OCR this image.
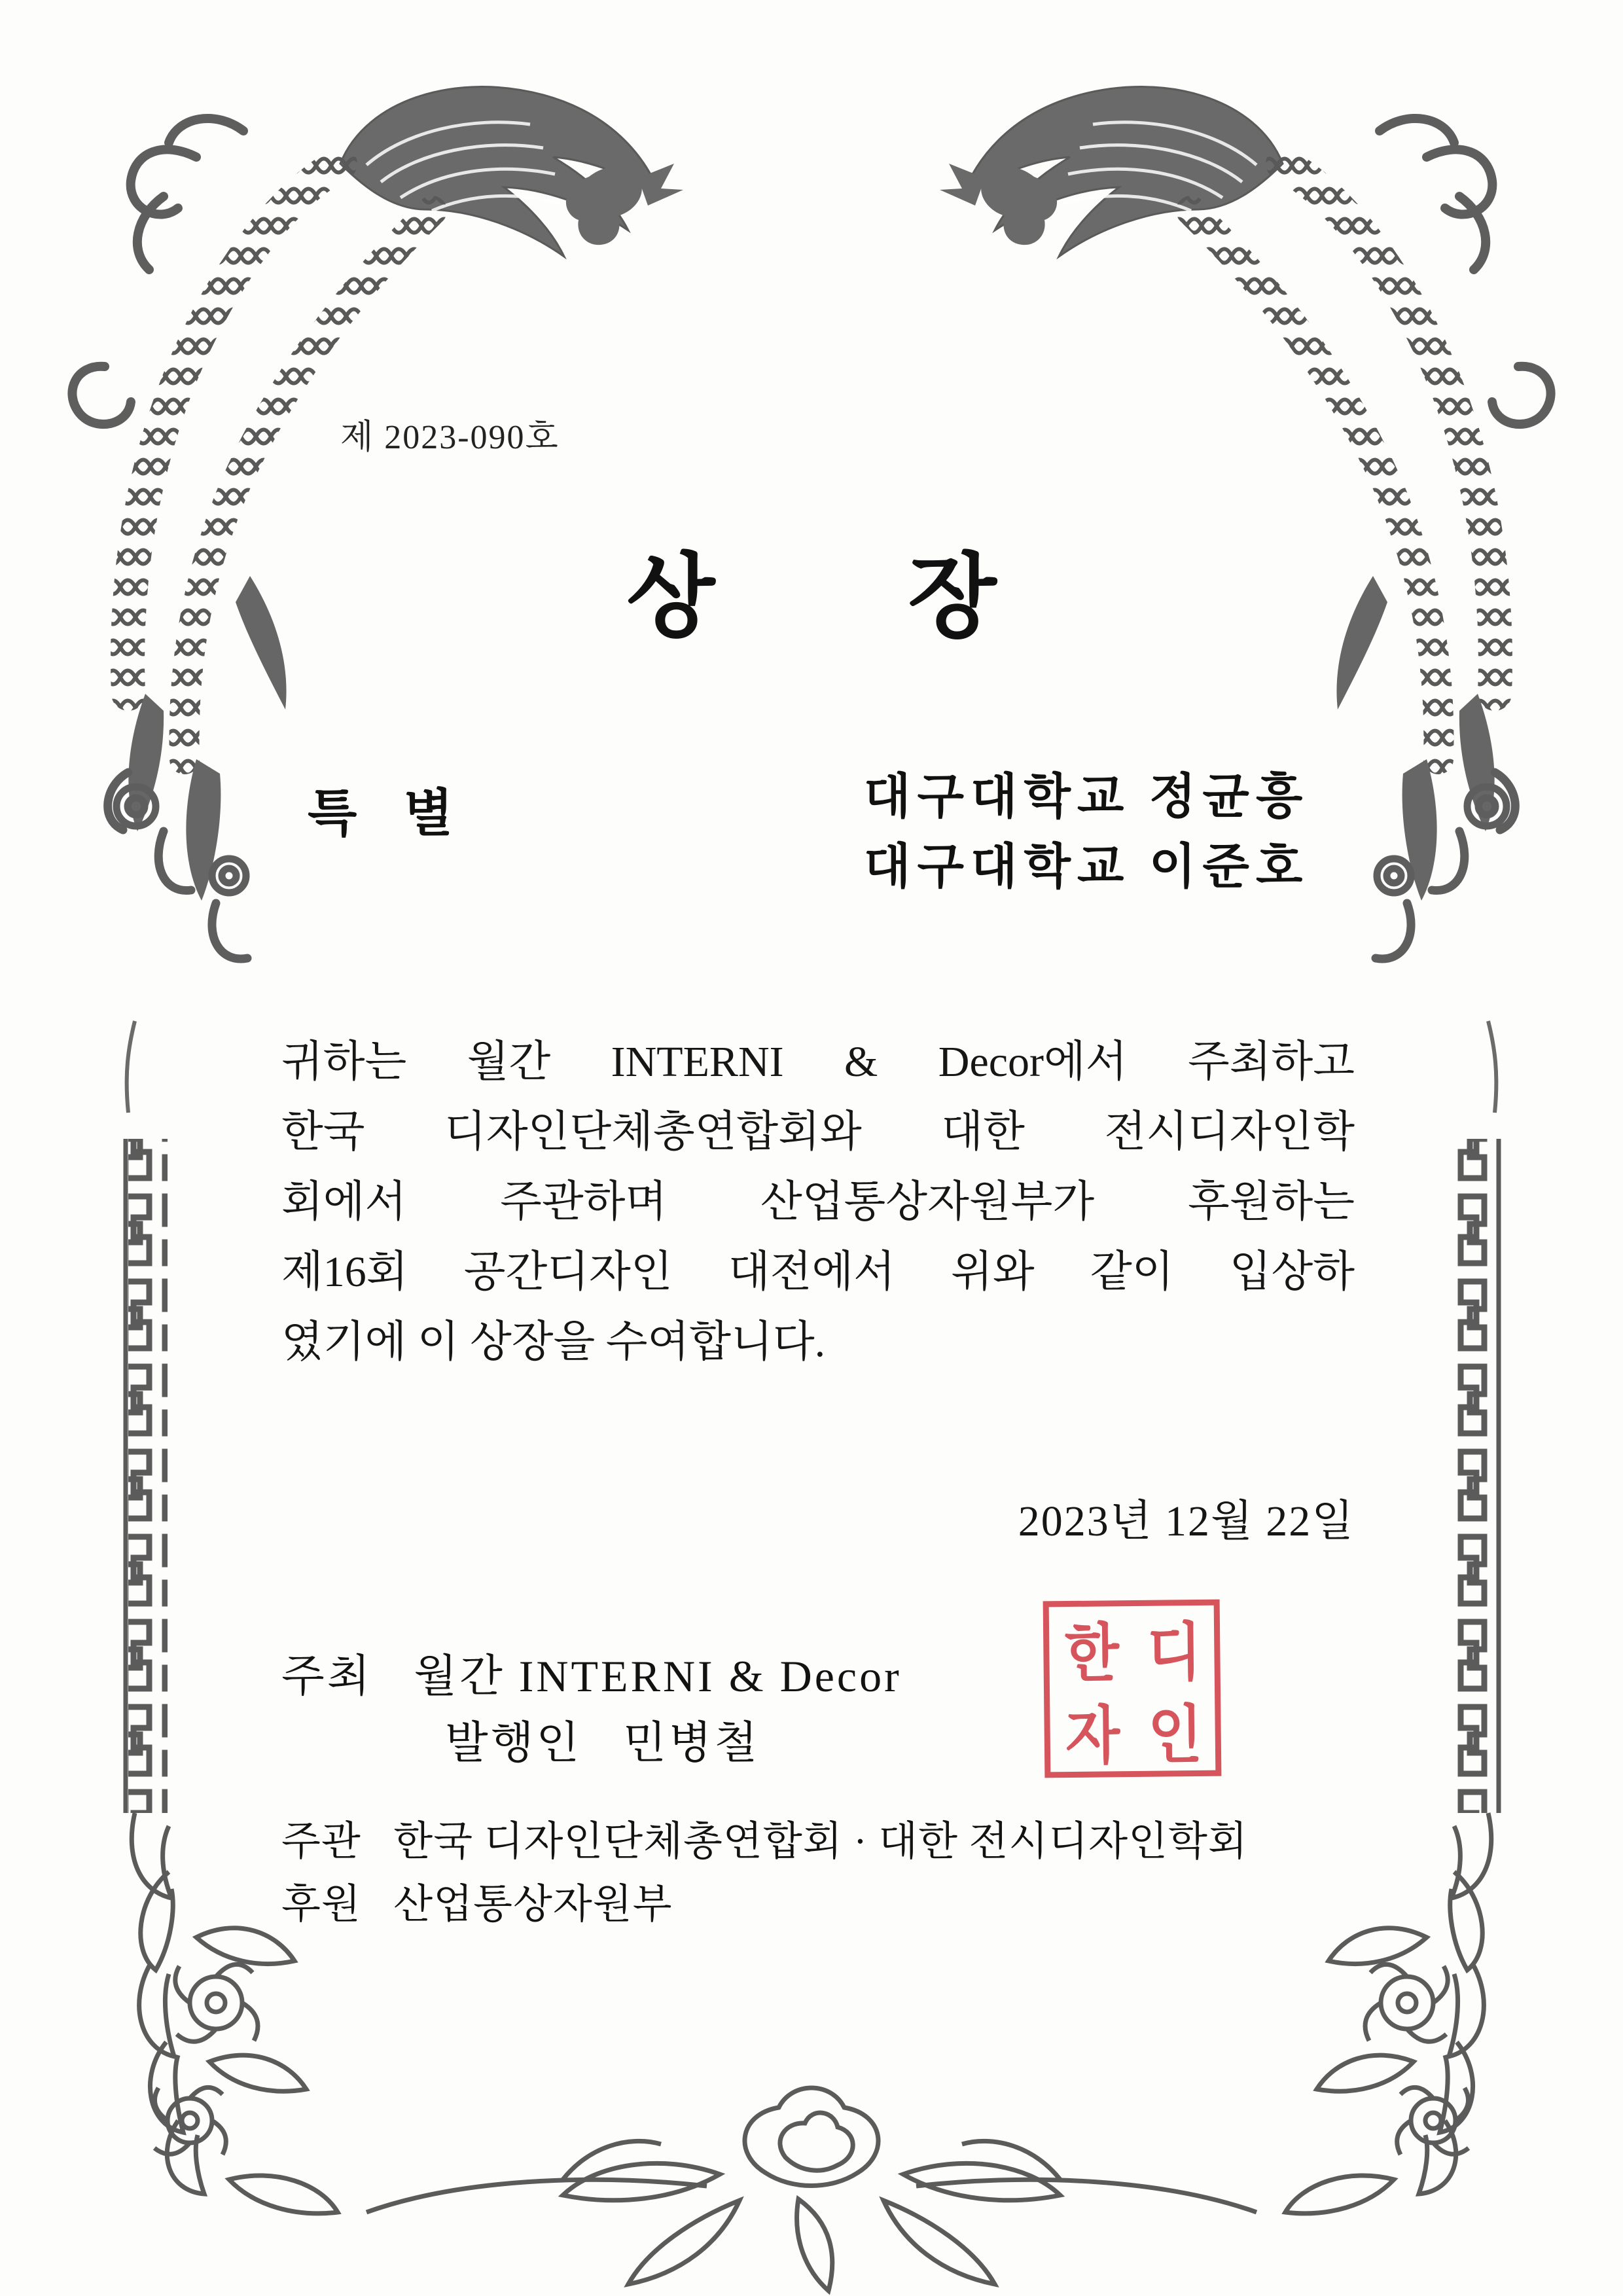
제 2023-090호
상 장
특 별	대구대학교 정균흥
대구대학교 이준호
귀하는 월간 INTERNI & Decor에서 주최하고
한국 디자인단체총연합회와 대한 전시디자인학
회에서 주관하며 산업통상자원부가 후원하는
제16회 공간디자인 대전에서 위와 같이 입상하
였기에 이 상장을 수여합니다.
2023년 12월 22일
주최 월간 INTERNI & Decor
발행인 민병철
주관 한국 디자인단체총연합회 · 대한 전시디자인학회
후원 산업통상자원부
한 디
자 인
